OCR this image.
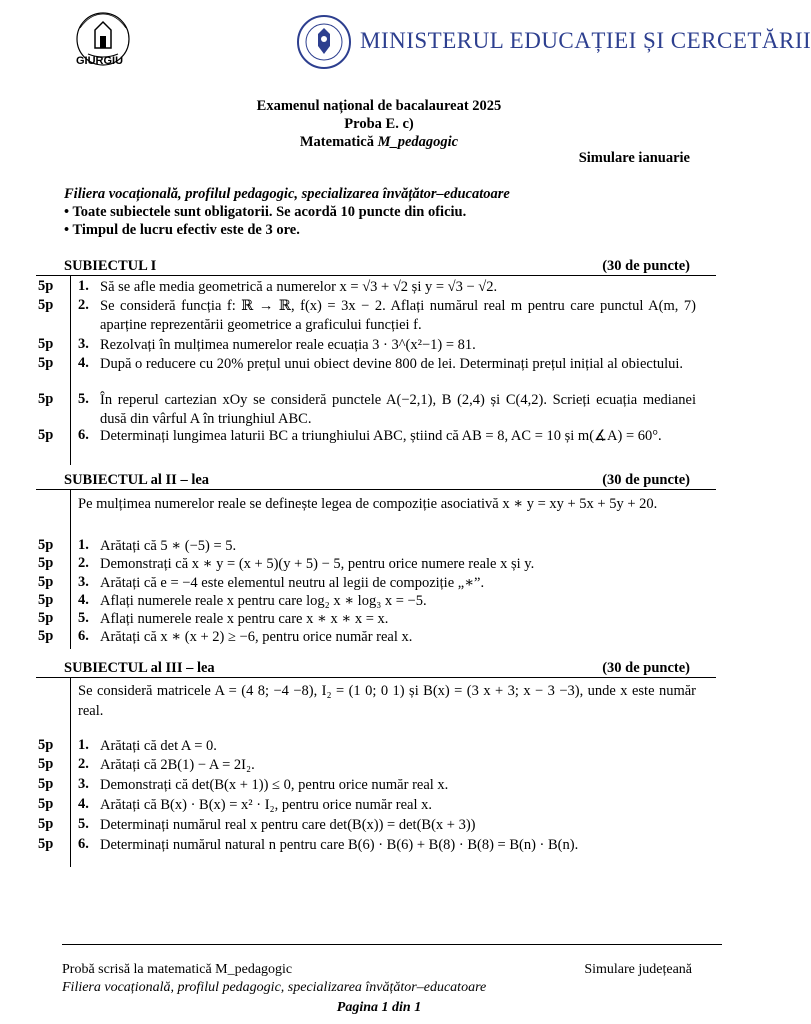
GIURGIU
MINISTERUL EDUCAȚIEI ȘI CERCETĂRII
Examenul național de bacalaureat 2025
Proba E. c)
Matematică M_pedagogic
Simulare ianuarie
Filiera vocațională, profilul pedagogic, specializarea învățător–educatoare
• Toate subiectele sunt obligatorii. Se acordă 10 puncte din oficiu.
• Timpul de lucru efectiv este de 3 ore.
SUBIECTUL I	(30 de puncte)
5p	1. Să se afle media geometrică a numerelor x = √3 + √2 și y = √3 − √2.
5p	2. Se consideră funcția f: ℝ → ℝ, f(x) = 3x − 2. Aflați numărul real m pentru care punctul A(m, 7) aparține reprezentării geometrice a graficului funcției f.
5p	3. Rezolvați în mulțimea numerelor reale ecuația 3 · 3^(x²−1) = 81.
5p	4. După o reducere cu 20% prețul unui obiect devine 800 de lei. Determinați prețul inițial al obiectului.
5p	5. În reperul cartezian xOy se consideră punctele A(−2,1), B (2,4) și C(4,2). Scrieți ecuația medianei dusă din vârful A în triunghiul ABC.
5p	6. Determinați lungimea laturii BC a triunghiului ABC, știind că AB = 8, AC = 10 și m(∡A) = 60°.
SUBIECTUL al II – lea	(30 de puncte)
Pe mulțimea numerelor reale se definește legea de compoziție asociativă x ∗ y = xy + 5x + 5y + 20.
5p	1. Arătați că 5 ∗ (−5) = 5.
5p	2. Demonstrați că x ∗ y = (x + 5)(y + 5) − 5, pentru orice numere reale x și y.
5p	3. Arătați că e = −4 este elementul neutru al legii de compoziție „∗”.
5p	4. Aflați numerele reale x pentru care log₂ x ∗ log₃ x = −5.
5p	5. Aflați numerele reale x pentru care x ∗ x ∗ x = x.
5p	6. Arătați că x ∗ (x + 2) ≥ −6, pentru orice număr real x.
SUBIECTUL al III – lea	(30 de puncte)
Se consideră matricele A = (4 8; −4 −8), I₂ = (1 0; 0 1) și B(x) = (3 x + 3; x − 3 −3), unde x este număr real.
5p	1. Arătați că det A = 0.
5p	2. Arătați că 2B(1) − A = 2I₂.
5p	3. Demonstrați că det(B(x + 1)) ≤ 0, pentru orice număr real x.
5p	4. Arătați că B(x) · B(x) = x² · I₂, pentru orice număr real x.
5p	5. Determinați numărul real x pentru care det(B(x)) = det(B(x + 3))
5p	6. Determinați numărul natural n pentru care B(6) · B(6) + B(8) · B(8) = B(n) · B(n).
Probă scrisă la matematică M_pedagogic	Simulare județeană
Filiera vocațională, profilul pedagogic, specializarea învățător–educatoare
Pagina 1 din 1
